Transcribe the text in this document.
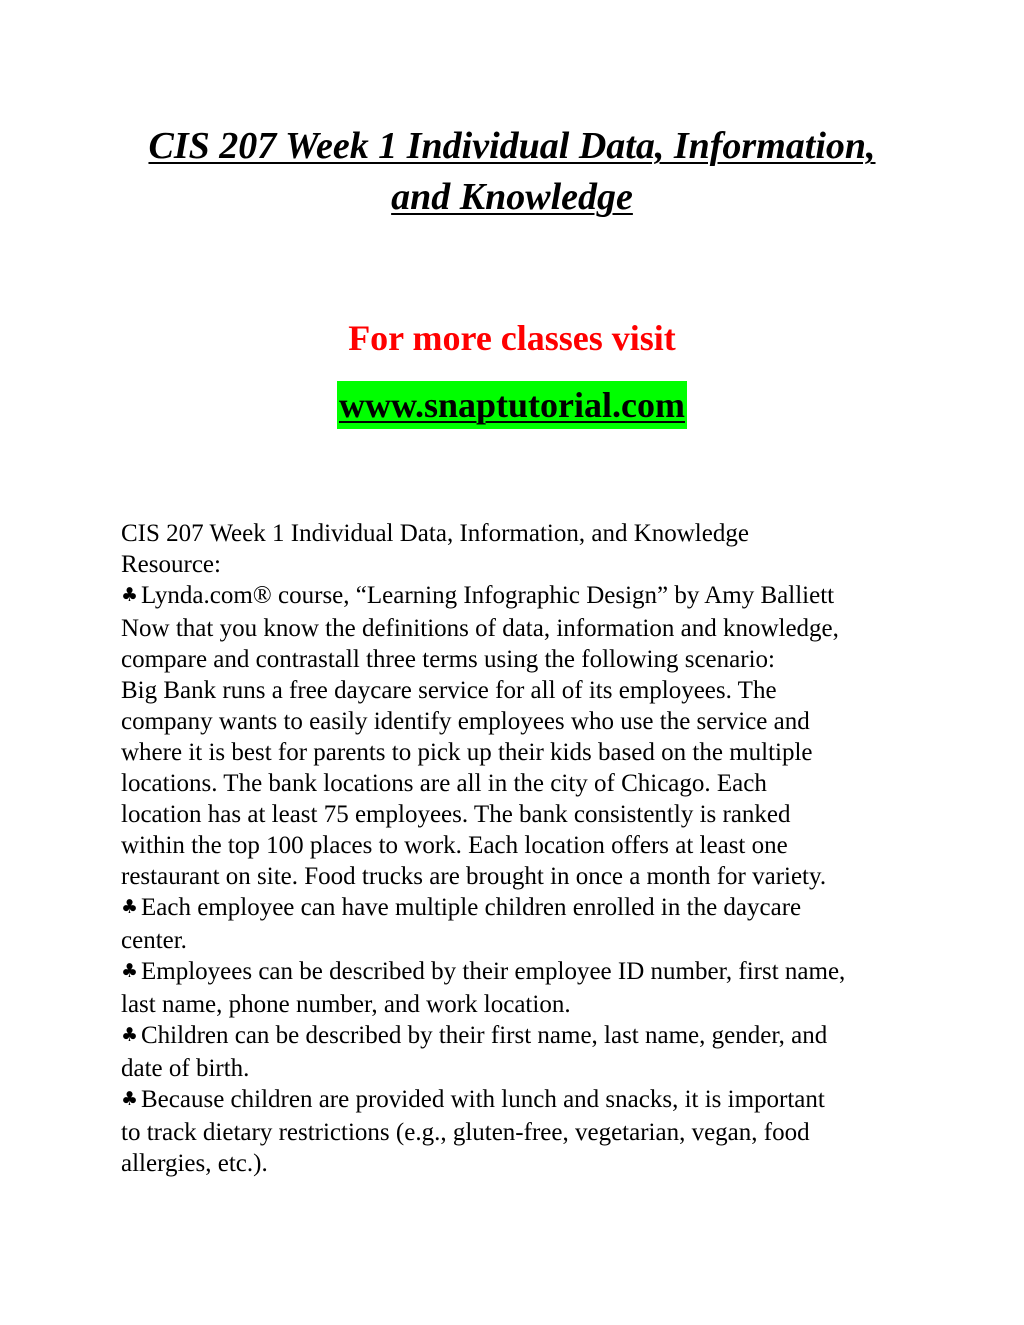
CIS 207 Week 1 Individual Data, Information,
and Knowledge

For more classes visit

www.snaptutorial.com

CIS 207 Week 1 Individual Data, Information, and Knowledge

Resource:

♣ Lynda.com® course, “Learning Infographic Design” by Amy Balliett

Now that you know the definitions of data, information and knowledge,

compare and contrastall three terms using the following scenario:

Big Bank runs a free daycare service for all of its employees. The

company wants to easily identify employees who use the service and

where it is best for parents to pick up their kids based on the multiple

locations. The bank locations are all in the city of Chicago. Each

location has at least 75 employees. The bank consistently is ranked

within the top 100 places to work. Each location offers at least one

restaurant on site. Food trucks are brought in once a month for variety.

♣ Each employee can have multiple children enrolled in the daycare

center.

♣ Employees can be described by their employee ID number, first name,

last name, phone number, and work location.

♣ Children can be described by their first name, last name, gender, and

date of birth.

♣ Because children are provided with lunch and snacks, it is important

to track dietary restrictions (e.g., gluten-free, vegetarian, vegan, food

allergies, etc.).
